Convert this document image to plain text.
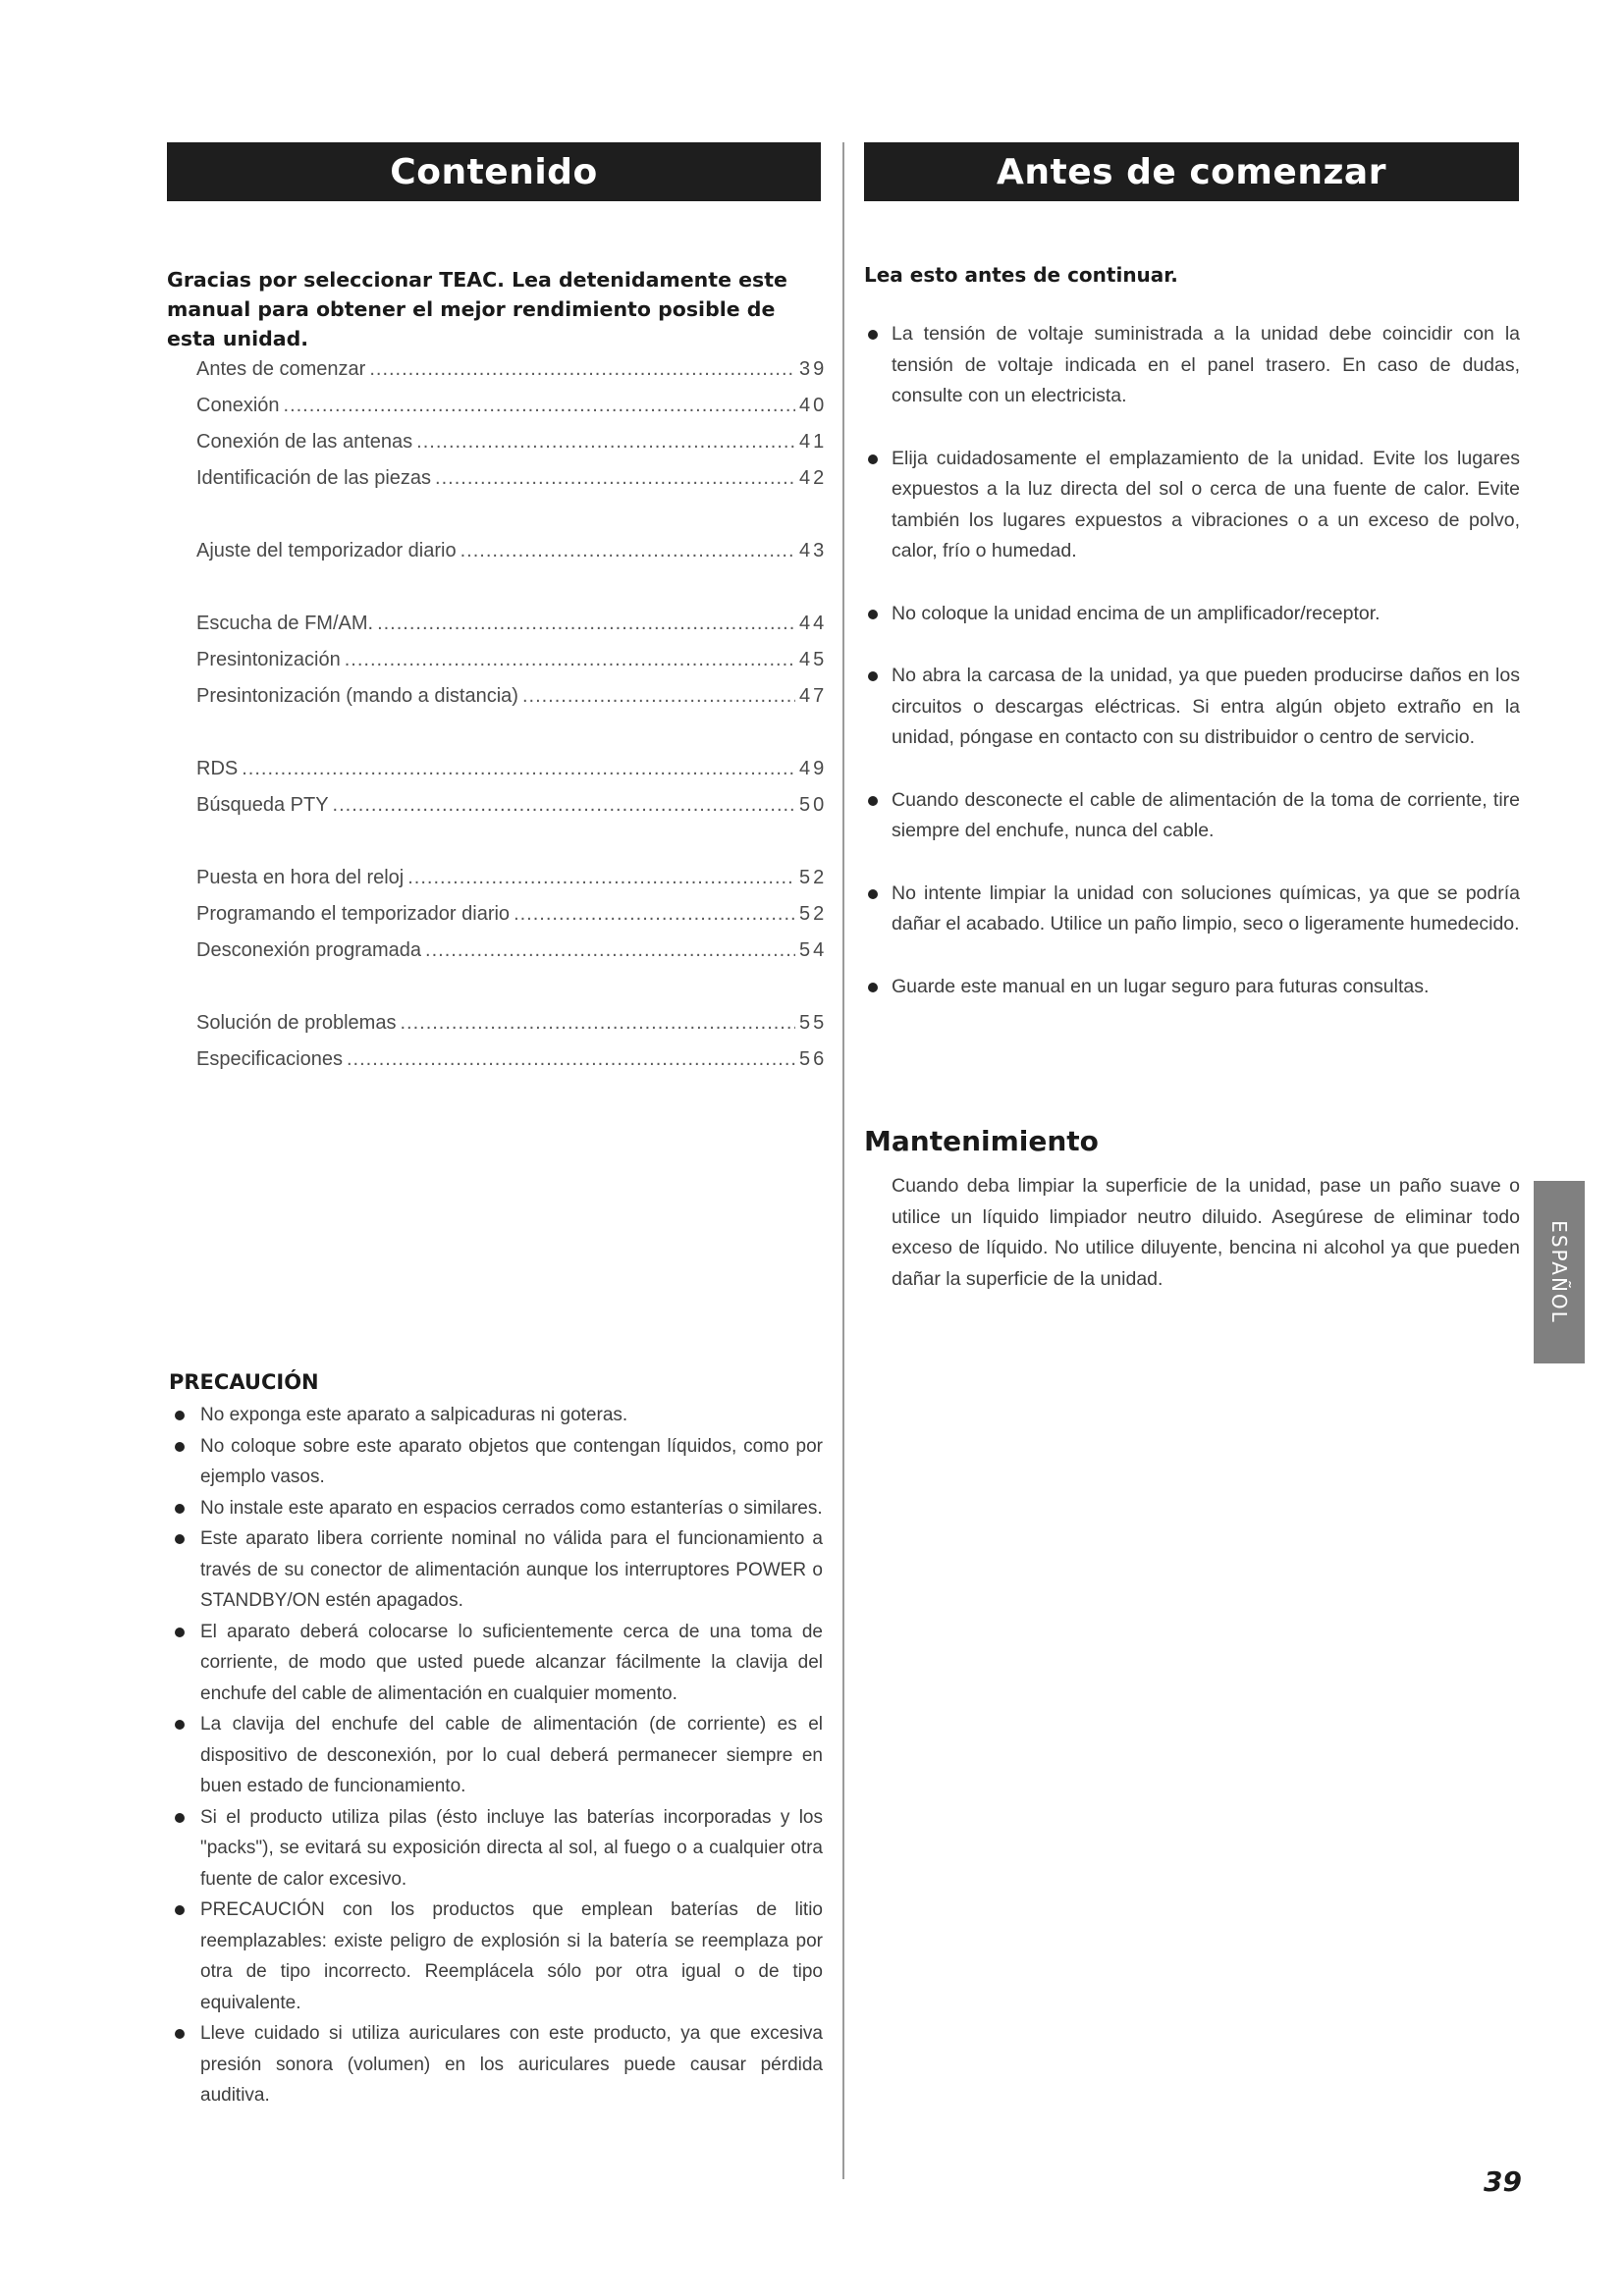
Contenido	Antes de comenzar

Gracias por seleccionar TEAC. Lea detenidamente este manual para obtener el mejor rendimiento posible de esta unidad.

Antes de comenzar .....	39
Conexión .....	40
Conexión de las antenas .....	41
Identificación de las piezas .....	42
Ajuste del temporizador diario .....	43
Escucha de FM/AM. .....	44
Presintonización .....	45
Presintonización (mando a distancia) .....	47
RDS .....	49
Búsqueda PTY .....	50
Puesta en hora del reloj .....	52
Programando el temporizador diario .....	52
Desconexión programada .....	54
Solución de problemas .....	55
Especificaciones .....	56
PRECAUCIÓN
No exponga este aparato a salpicaduras ni goteras.
No coloque sobre este aparato objetos que contengan líquidos, como por ejemplo vasos.
No instale este aparato en espacios cerrados como estanterías o similares.
Este aparato libera corriente nominal no válida para el funcionamiento a través de su conector de alimentación aunque los interruptores POWER o STANDBY/ON estén apagados.
El aparato deberá colocarse lo suficientemente cerca de una toma de corriente, de modo que usted puede alcanzar fácilmente la clavija del enchufe del cable de alimentación en cualquier momento.
La clavija del enchufe del cable de alimentación (de corriente) es el dispositivo de desconexión, por lo cual deberá permanecer siempre en buen estado de funcionamiento.
Si el producto utiliza pilas (ésto incluye las baterías incorporadas y los "packs"), se evitará su exposición directa al sol, al fuego o a cualquier otra fuente de calor excesivo.
PRECAUCIÓN con los productos que emplean baterías de litio reemplazables: existe peligro de explosión si la batería se reemplaza por otra de tipo incorrecto. Reemplácela sólo por otra igual o de tipo equivalente.
Lleve cuidado si utiliza auriculares con este producto, ya que excesiva presión sonora (volumen) en los auriculares puede causar pérdida auditiva.
Lea esto antes de continuar.
La tensión de voltaje suministrada a la unidad debe coincidir con la tensión de voltaje indicada en el panel trasero. En caso de dudas, consulte con un electricista.
Elija cuidadosamente el emplazamiento de la unidad. Evite los lugares expuestos a la luz directa del sol o cerca de una fuente de calor. Evite también los lugares expuestos a vibraciones o a un exceso de polvo, calor, frío o humedad.
No coloque la unidad encima de un amplificador/receptor.
No abra la carcasa de la unidad, ya que pueden producirse daños en los circuitos o descargas eléctricas. Si entra algún objeto extraño en la unidad, póngase en contacto con su distribuidor o centro de servicio.
Cuando desconecte el cable de alimentación de la toma de corriente, tire siempre del enchufe, nunca del cable.
No intente limpiar la unidad con soluciones químicas, ya que se podría dañar el acabado. Utilice un paño limpio, seco o ligeramente humedecido.
Guarde este manual en un lugar seguro para futuras consultas.
Mantenimiento

Cuando deba limpiar la superficie de la unidad, pase un paño suave o utilice un líquido limpiador neutro diluido. Asegúrese de eliminar todo exceso de líquido. No utilice diluyente, bencina ni alcohol ya que pueden dañar la superficie de la unidad.	ESPAÑOL
39
